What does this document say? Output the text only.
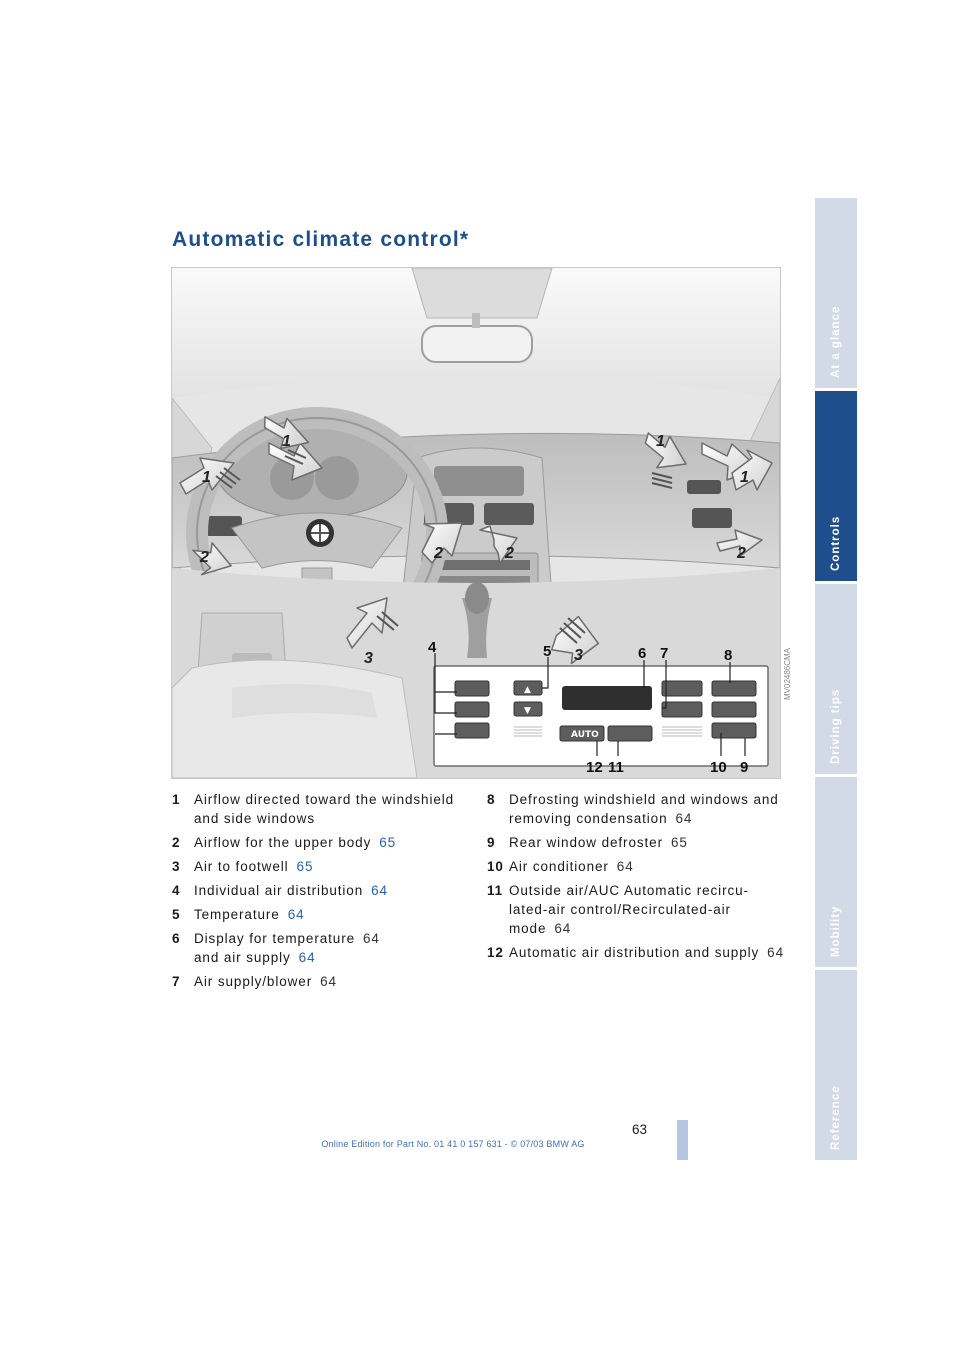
Automatic climate control*
▲
▼
AUTO
1
1
1
1
2	2	2	2
3	3
4	5	6 7	8
9
10
11
12
MV02486CMA
1 Airflow directed toward the windshield and side windows
2 Airflow for the upper body 65
3 Air to footwell 65
4 Individual air distribution 64
5 Temperature 64
6 Display for temperature 64
and air supply 64
7 Air supply/blower 64
8 Defrosting windshield and windows and removing condensation 64
9 Rear window defroster 65
10 Air conditioner 64
11 Outside air/AUC Automatic recircu-lated-air control/Recirculated-air mode 64
12 Automatic air distribution and supply 64
At a glance
Controls
Driving tips
Mobility
Reference
63
Online Edition for Part No. 01 41 0 157 631 - © 07/03 BMW AG
